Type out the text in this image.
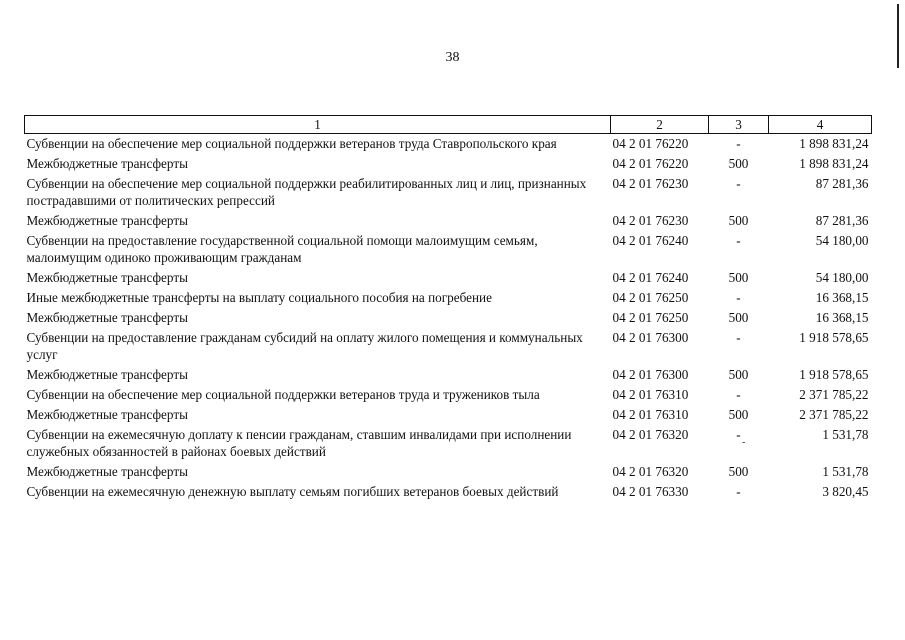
38
1	2	3	4
Субвенции на обеспечение мер социальной поддержки ветеранов труда Ставропольского края	04 2 01 76220	-	1 898 831,24
Межбюджетные трансферты	04 2 01 76220	500	1 898 831,24
Субвенции на обеспечение мер социальной поддержки реабилитированных лиц и лиц, признанных пострадавшими от политических репрессий	04 2 01 76230	-	87 281,36
Межбюджетные трансферты	04 2 01 76230	500	87 281,36
Субвенции на предоставление государственной социальной помощи малоимущим семьям, малоимущим одиноко проживающим гражданам	04 2 01 76240	-	54 180,00
Межбюджетные трансферты	04 2 01 76240	500	54 180,00
Иные межбюджетные трансферты на выплату социального пособия на погребение	04 2 01 76250	-	16 368,15
Межбюджетные трансферты	04 2 01 76250	500	16 368,15
Субвенции на предоставление гражданам субсидий на оплату жилого помещения и коммунальных услуг	04 2 01 76300	-	1 918 578,65
Межбюджетные трансферты	04 2 01 76300	500	1 918 578,65
Субвенции на обеспечение мер социальной поддержки ветеранов труда и тружеников тыла	04 2 01 76310	-	2 371 785,22
Межбюджетные трансферты	04 2 01 76310	500	2 371 785,22
Субвенции на ежемесячную доплату к пенсии гражданам, ставшим инвалидами при исполнении служебных обязанностей в районах боевых действий	04 2 01 76320	-	1 531,78
Межбюджетные трансферты	04 2 01 76320	500	1 531,78
Субвенции на ежемесячную денежную выплату семьям погибших ветеранов боевых действий	04 2 01 76330	-	3 820,45
-
